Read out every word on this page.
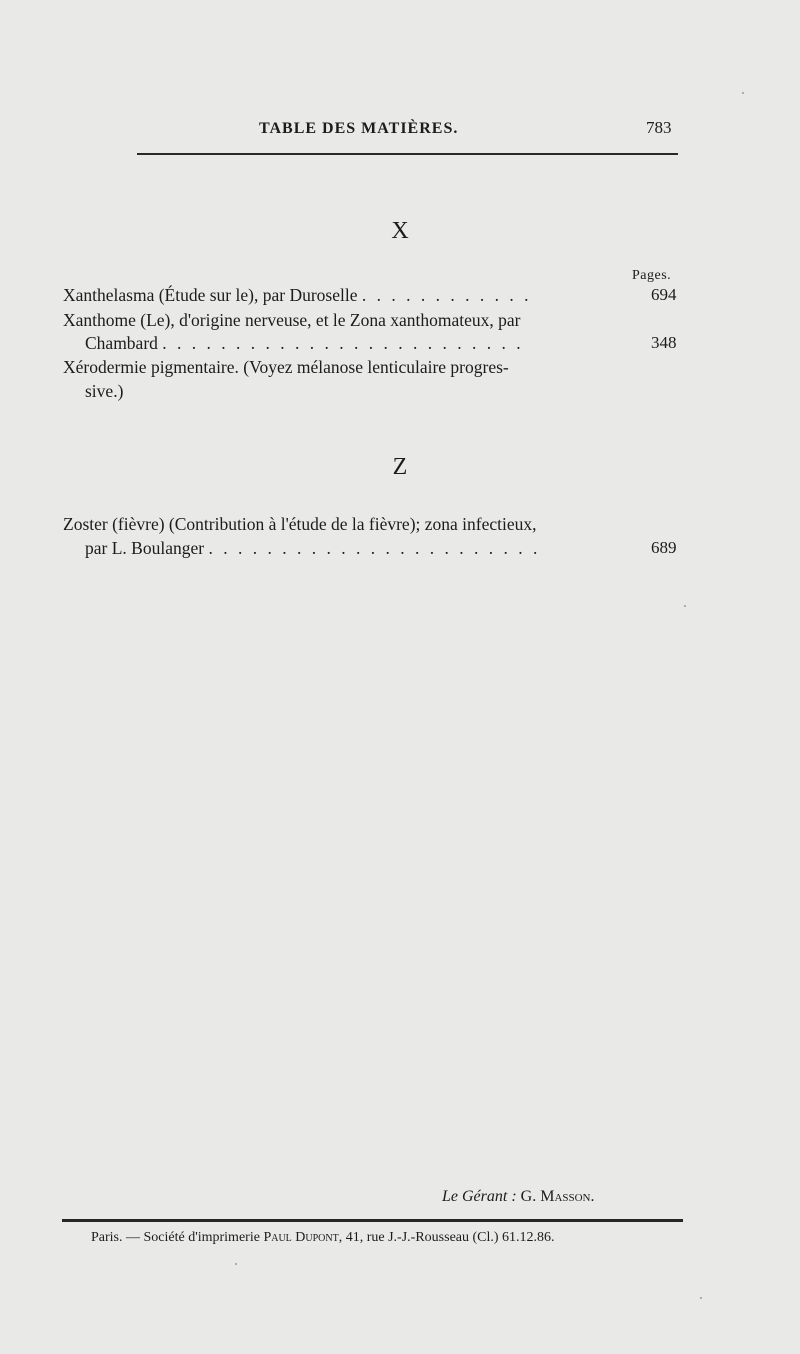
TABLE DES MATIÈRES.	783
X
Pages.
Xanthelasma (Étude sur le), par Duroselle . . . . . . . . . . . .	694
Xanthome (Le), d'origine nerveuse, et le Zona xanthomateux, par
Chambard . . . . . . . . . . . . . . . . . . . . . . . . .	348
Xérodermie pigmentaire. (Voyez mélanose lenticulaire progres-
sive.)
Z
Zoster (fièvre) (Contribution à l'étude de la fièvre); zona infectieux,
par L. Boulanger . . . . . . . . . . . . . . . . . . . . . . .	689
Le Gérant : G. Masson.
Paris. — Société d'imprimerie Paul Dupont, 41, rue J.-J.-Rousseau (Cl.) 61.12.86.
